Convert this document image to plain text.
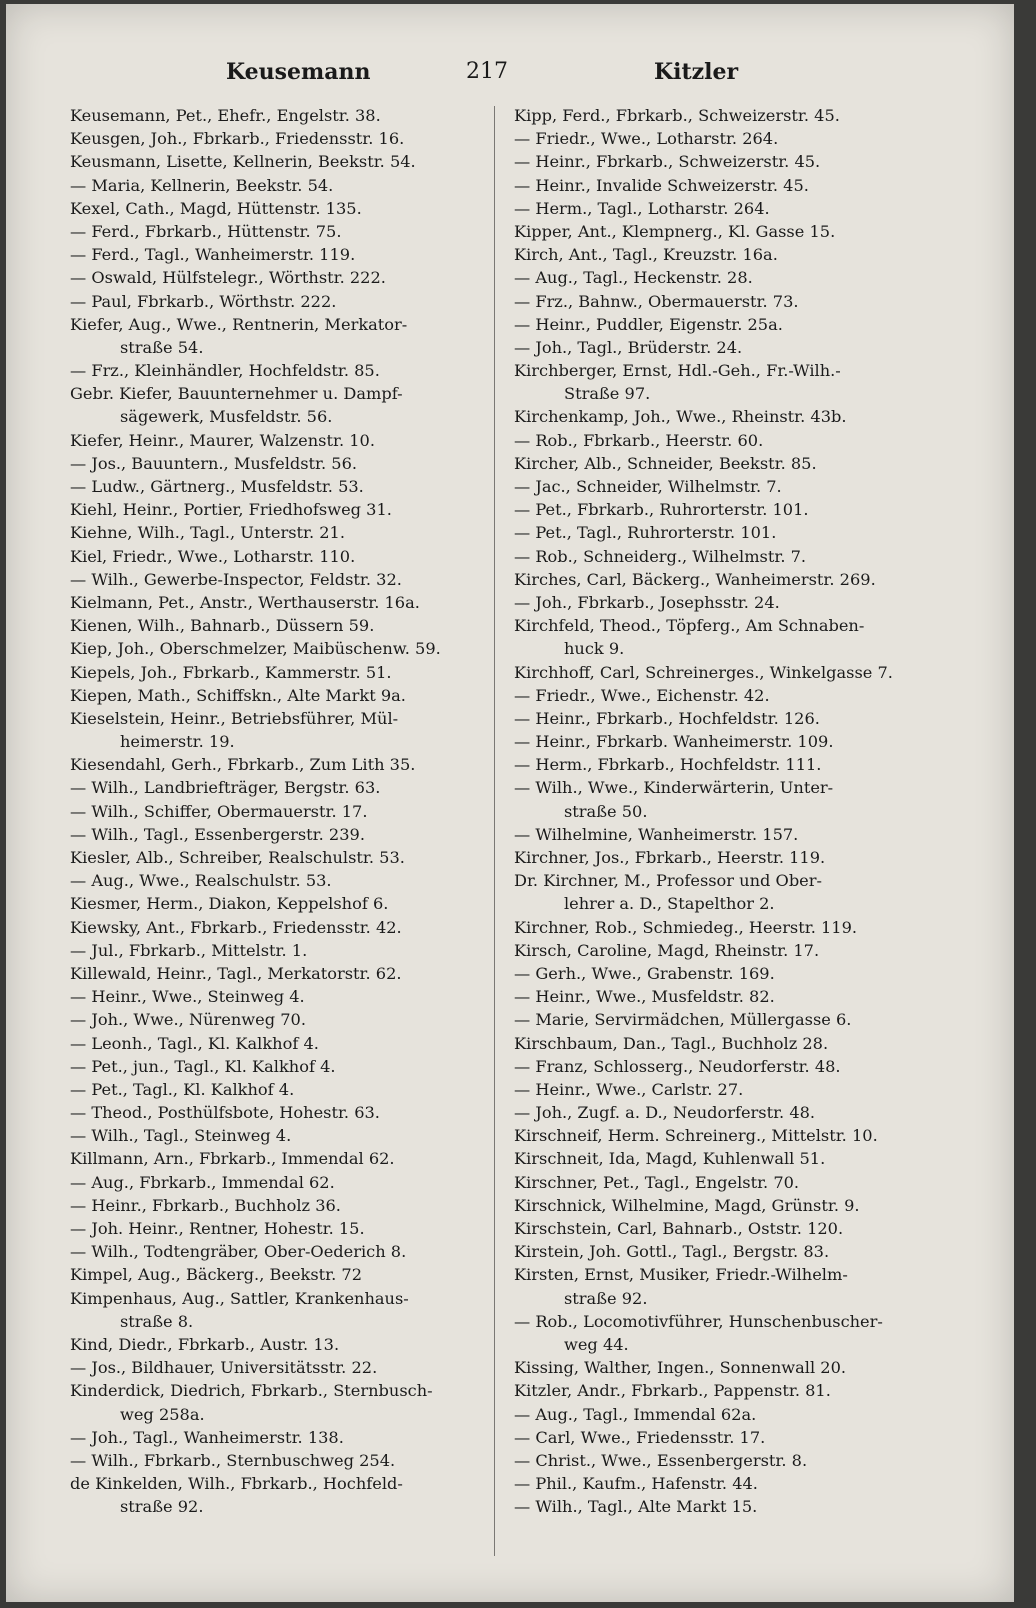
Keusemann	217	Kitzler
Keusemann, Pet., Ehefr., Engelstr. 38.
Keusgen, Joh., Fbrkarb., Friedensstr. 16.
Keusmann, Lisette, Kellnerin, Beekstr. 54.
— Maria, Kellnerin, Beekstr. 54.
Kexel, Cath., Magd, Hüttenstr. 135.
— Ferd., Fbrkarb., Hüttenstr. 75.
— Ferd., Tagl., Wanheimerstr. 119.
— Oswald, Hülfstelegr., Wörthstr. 222.
— Paul, Fbrkarb., Wörthstr. 222.
Kiefer, Aug., Wwe., Rentnerin, Merkator-
straße 54.
— Frz., Kleinhändler, Hochfeldstr. 85.
Gebr. Kiefer, Bauunternehmer u. Dampf-
sägewerk, Musfeldstr. 56.
Kiefer, Heinr., Maurer, Walzenstr. 10.
— Jos., Bauuntern., Musfeldstr. 56.
— Ludw., Gärtnerg., Musfeldstr. 53.
Kiehl, Heinr., Portier, Friedhofsweg 31.
Kiehne, Wilh., Tagl., Unterstr. 21.
Kiel, Friedr., Wwe., Lotharstr. 110.
— Wilh., Gewerbe-Inspector, Feldstr. 32.
Kielmann, Pet., Anstr., Werthauserstr. 16a.
Kienen, Wilh., Bahnarb., Düssern 59.
Kiep, Joh., Oberschmelzer, Maibüschenw. 59.
Kiepels, Joh., Fbrkarb., Kammerstr. 51.
Kiepen, Math., Schiffskn., Alte Markt 9a.
Kieselstein, Heinr., Betriebsführer, Mül-
heimerstr. 19.
Kiesendahl, Gerh., Fbrkarb., Zum Lith 35.
— Wilh., Landbriefträger, Bergstr. 63.
— Wilh., Schiffer, Obermauerstr. 17.
— Wilh., Tagl., Essenbergerstr. 239.
Kiesler, Alb., Schreiber, Realschulstr. 53.
— Aug., Wwe., Realschulstr. 53.
Kiesmer, Herm., Diakon, Keppelshof 6.
Kiewsky, Ant., Fbrkarb., Friedensstr. 42.
— Jul., Fbrkarb., Mittelstr. 1.
Killewald, Heinr., Tagl., Merkatorstr. 62.
— Heinr., Wwe., Steinweg 4.
— Joh., Wwe., Nürenweg 70.
— Leonh., Tagl., Kl. Kalkhof 4.
— Pet., jun., Tagl., Kl. Kalkhof 4.
— Pet., Tagl., Kl. Kalkhof 4.
— Theod., Posthülfsbote, Hohestr. 63.
— Wilh., Tagl., Steinweg 4.
Killmann, Arn., Fbrkarb., Immendal 62.
— Aug., Fbrkarb., Immendal 62.
— Heinr., Fbrkarb., Buchholz 36.
— Joh. Heinr., Rentner, Hohestr. 15.
— Wilh., Todtengräber, Ober-Oederich 8.
Kimpel, Aug., Bäckerg., Beekstr. 72
Kimpenhaus, Aug., Sattler, Krankenhaus-
straße 8.
Kind, Diedr., Fbrkarb., Austr. 13.
— Jos., Bildhauer, Universitätsstr. 22.
Kinderdick, Diedrich, Fbrkarb., Sternbusch-
weg 258a.
— Joh., Tagl., Wanheimerstr. 138.
— Wilh., Fbrkarb., Sternbuschweg 254.
de Kinkelden, Wilh., Fbrkarb., Hochfeld-
straße 92.
Kipp, Ferd., Fbrkarb., Schweizerstr. 45.
— Friedr., Wwe., Lotharstr. 264.
— Heinr., Fbrkarb., Schweizerstr. 45.
— Heinr., Invalide Schweizerstr. 45.
— Herm., Tagl., Lotharstr. 264.
Kipper, Ant., Klempnerg., Kl. Gasse 15.
Kirch, Ant., Tagl., Kreuzstr. 16a.
— Aug., Tagl., Heckenstr. 28.
— Frz., Bahnw., Obermauerstr. 73.
— Heinr., Puddler, Eigenstr. 25a.
— Joh., Tagl., Brüderstr. 24.
Kirchberger, Ernst, Hdl.-Geh., Fr.-Wilh.-
Straße 97.
Kirchenkamp, Joh., Wwe., Rheinstr. 43b.
— Rob., Fbrkarb., Heerstr. 60.
Kircher, Alb., Schneider, Beekstr. 85.
— Jac., Schneider, Wilhelmstr. 7.
— Pet., Fbrkarb., Ruhrorterstr. 101.
— Pet., Tagl., Ruhrorterstr. 101.
— Rob., Schneiderg., Wilhelmstr. 7.
Kirches, Carl, Bäckerg., Wanheimerstr. 269.
— Joh., Fbrkarb., Josephsstr. 24.
Kirchfeld, Theod., Töpferg., Am Schnaben-
huck 9.
Kirchhoff, Carl, Schreinerges., Winkelgasse 7.
— Friedr., Wwe., Eichenstr. 42.
— Heinr., Fbrkarb., Hochfeldstr. 126.
— Heinr., Fbrkarb. Wanheimerstr. 109.
— Herm., Fbrkarb., Hochfeldstr. 111.
— Wilh., Wwe., Kinderwärterin, Unter-
straße 50.
— Wilhelmine, Wanheimerstr. 157.
Kirchner, Jos., Fbrkarb., Heerstr. 119.
Dr. Kirchner, M., Professor und Ober-
lehrer a. D., Stapelthor 2.
Kirchner, Rob., Schmiedeg., Heerstr. 119.
Kirsch, Caroline, Magd, Rheinstr. 17.
— Gerh., Wwe., Grabenstr. 169.
— Heinr., Wwe., Musfeldstr. 82.
— Marie, Servirmädchen, Müllergasse 6.
Kirschbaum, Dan., Tagl., Buchholz 28.
— Franz, Schlosserg., Neudorferstr. 48.
— Heinr., Wwe., Carlstr. 27.
— Joh., Zugf. a. D., Neudorferstr. 48.
Kirschneif, Herm. Schreinerg., Mittelstr. 10.
Kirschneit, Ida, Magd, Kuhlenwall 51.
Kirschner, Pet., Tagl., Engelstr. 70.
Kirschnick, Wilhelmine, Magd, Grünstr. 9.
Kirschstein, Carl, Bahnarb., Oststr. 120.
Kirstein, Joh. Gottl., Tagl., Bergstr. 83.
Kirsten, Ernst, Musiker, Friedr.-Wilhelm-
straße 92.
— Rob., Locomotivführer, Hunschenbuscher-
weg 44.
Kissing, Walther, Ingen., Sonnenwall 20.
Kitzler, Andr., Fbrkarb., Pappenstr. 81.
— Aug., Tagl., Immendal 62a.
— Carl, Wwe., Friedensstr. 17.
— Christ., Wwe., Essenbergerstr. 8.
— Phil., Kaufm., Hafenstr. 44.
— Wilh., Tagl., Alte Markt 15.
